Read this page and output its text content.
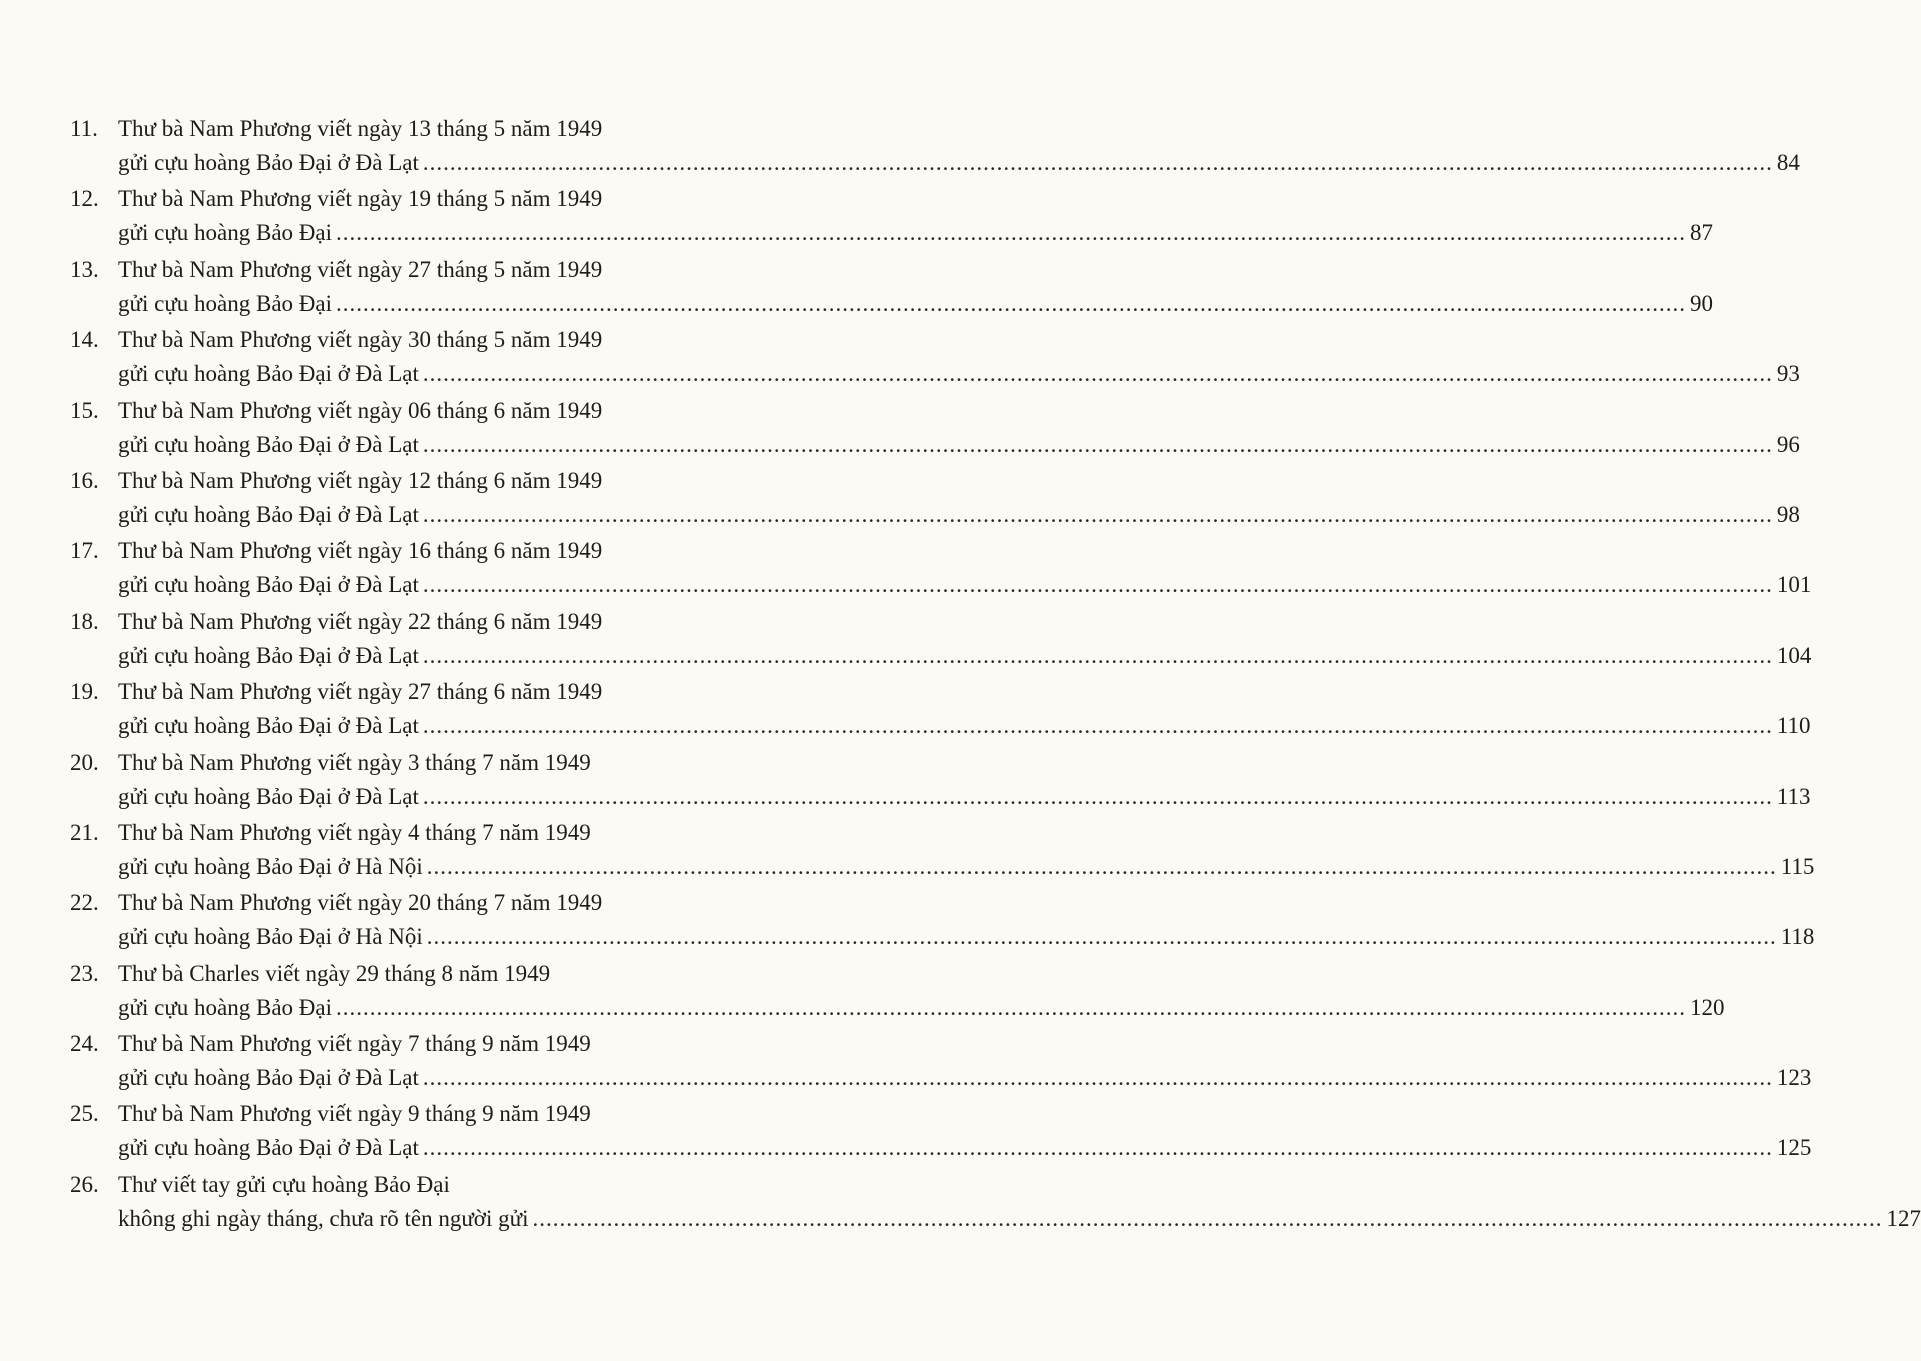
11. Thư bà Nam Phương viết ngày 13 tháng 5 năm 1949
gửi cựu hoàng Bảo Đại ở Đà Lạt ........................................................................................................................................................................................................ 84
12. Thư bà Nam Phương viết ngày 19 tháng 5 năm 1949
gửi cựu hoàng Bảo Đại ........................................................................................................................................................................................................ 87
13. Thư bà Nam Phương viết ngày 27 tháng 5 năm 1949
gửi cựu hoàng Bảo Đại ........................................................................................................................................................................................................ 90
14. Thư bà Nam Phương viết ngày 30 tháng 5 năm 1949
gửi cựu hoàng Bảo Đại ở Đà Lạt ........................................................................................................................................................................................................ 93
15. Thư bà Nam Phương viết ngày 06 tháng 6 năm 1949
gửi cựu hoàng Bảo Đại ở Đà Lạt ........................................................................................................................................................................................................ 96
16. Thư bà Nam Phương viết ngày 12 tháng 6 năm 1949
gửi cựu hoàng Bảo Đại ở Đà Lạt ........................................................................................................................................................................................................ 98
17. Thư bà Nam Phương viết ngày 16 tháng 6 năm 1949
gửi cựu hoàng Bảo Đại ở Đà Lạt ........................................................................................................................................................................................................ 101
18. Thư bà Nam Phương viết ngày 22 tháng 6 năm 1949
gửi cựu hoàng Bảo Đại ở Đà Lạt ........................................................................................................................................................................................................ 104
19. Thư bà Nam Phương viết ngày 27 tháng 6 năm 1949
gửi cựu hoàng Bảo Đại ở Đà Lạt ........................................................................................................................................................................................................ 110
20. Thư bà Nam Phương viết ngày 3 tháng 7 năm 1949
gửi cựu hoàng Bảo Đại ở Đà Lạt ........................................................................................................................................................................................................ 113
21. Thư bà Nam Phương viết ngày 4 tháng 7 năm 1949
gửi cựu hoàng Bảo Đại ở Hà Nội ........................................................................................................................................................................................................ 115
22. Thư bà Nam Phương viết ngày 20 tháng 7 năm 1949
gửi cựu hoàng Bảo Đại ở Hà Nội ........................................................................................................................................................................................................ 118
23. Thư bà Charles viết ngày 29 tháng 8 năm 1949
gửi cựu hoàng Bảo Đại ........................................................................................................................................................................................................ 120
24. Thư bà Nam Phương viết ngày 7 tháng 9 năm 1949
gửi cựu hoàng Bảo Đại ở Đà Lạt ........................................................................................................................................................................................................ 123
25. Thư bà Nam Phương viết ngày 9 tháng 9 năm 1949
gửi cựu hoàng Bảo Đại ở Đà Lạt ........................................................................................................................................................................................................ 125
26. Thư viết tay gửi cựu hoàng Bảo Đại
không ghi ngày tháng, chưa rõ tên người gửi ........................................................................................................................................................................................................ 127
